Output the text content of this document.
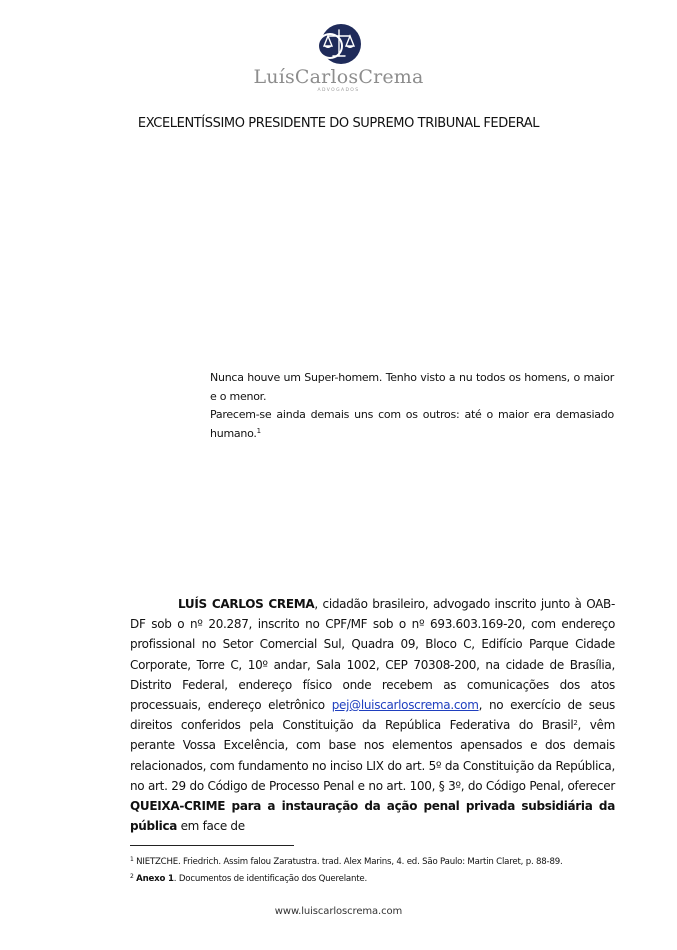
LuísCarlosCrema
ADVOGADOS
EXCELENTÍSSIMO PRESIDENTE DO SUPREMO TRIBUNAL FEDERAL

Nunca houve um Super-homem. Tenho visto a nu todos os homens, o maior e o menor.

Parecem-se ainda demais uns com os outros: até o maior era demasiado humano.$^1$

LUÍS CARLOS CREMA, cidadão brasileiro, advogado inscrito junto à OAB-DF sob o nº 20.287, inscrito no CPF/MF sob o nº 693.603.169-20, com endereço profissional no Setor Comercial Sul, Quadra 09, Bloco C, Edifício Parque Cidade Corporate, Torre C, 10º andar, Sala 1002, CEP 70308-200, na cidade de Brasília, Distrito Federal, endereço físico onde recebem as comunicações dos atos processuais, endereço eletrônico pej@luiscarloscrema.com, no exercício de seus direitos conferidos pela Constituição da República Federativa do Brasil$^2$, vêm perante Vossa Excelência, com base nos elementos apensados e dos demais relacionados, com fundamento no inciso LIX do art. 5º da Constituição da República, no art. 29 do Código de Processo Penal e no art. 100, § 3º, do Código Penal, oferecer QUEIXA-CRIME para a instauração da ação penal privada subsidiária da pública em face de

$^1$ NIETZCHE. Friedrich. Assim falou Zaratustra. trad. Alex Marins, 4. ed. São Paulo: Martin Claret, p. 88-89.

$^2$ Anexo 1. Documentos de identificação dos Querelante.

www.luiscarloscrema.com
